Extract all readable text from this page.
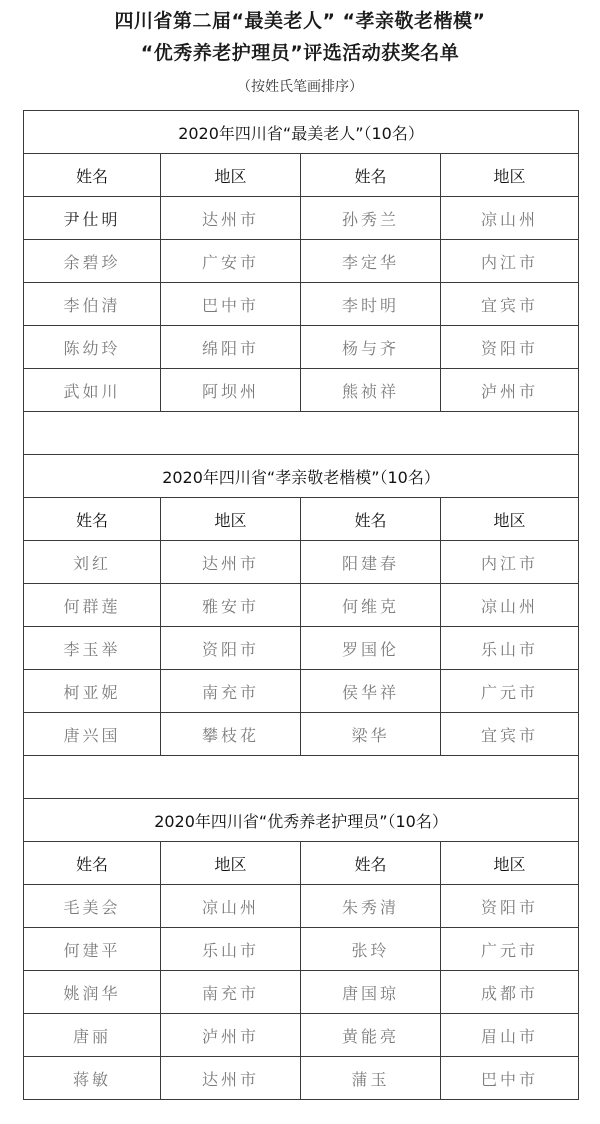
四川省第二届“最美老人” “孝亲敬老楷模”
“优秀养老护理员”评选活动获奖名单
（按姓氏笔画排序）
2020年四川省“最美老人”（10名）			
姓名	地区	姓名	地区
尹仕明	达州市	孙秀兰	凉山州
余碧珍	广安市	李定华	内江市
李伯清	巴中市	李时明	宜宾市
陈幼玲	绵阳市	杨与齐	资阳市
武如川	阿坝州	熊祯祥	泸州市

2020年四川省“孝亲敬老楷模”（10名）			
姓名	地区	姓名	地区
刘红	达州市	阳建春	内江市
何群莲	雅安市	何维克	凉山州
李玉举	资阳市	罗国伦	乐山市
柯亚妮	南充市	侯华祥	广元市
唐兴国	攀枝花	梁华	宜宾市

2020年四川省“优秀养老护理员”（10名）			
姓名	地区	姓名	地区
毛美会	凉山州	朱秀清	资阳市
何建平	乐山市	张玲	广元市
姚润华	南充市	唐国琼	成都市
唐丽	泸州市	黄能亮	眉山市
蒋敏	达州市	蒲玉	巴中市
